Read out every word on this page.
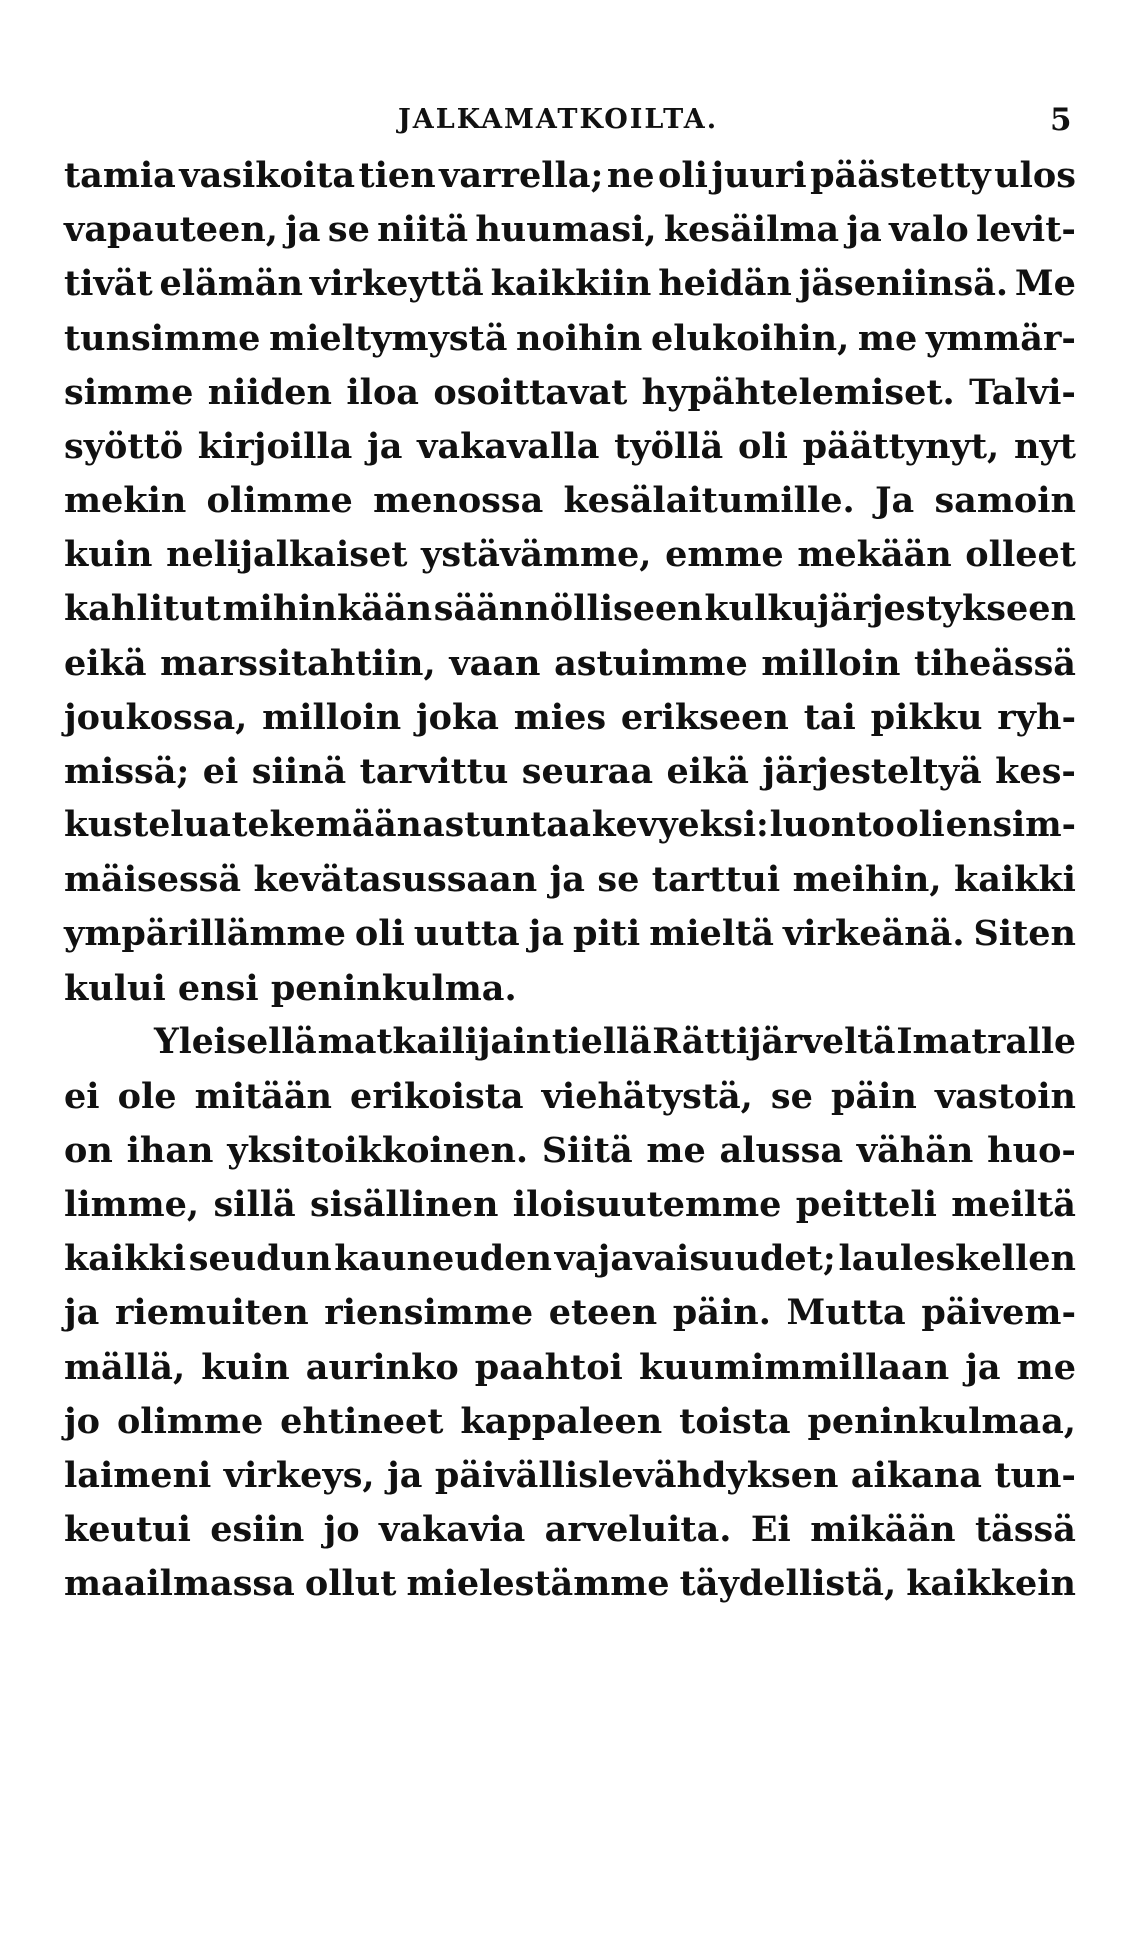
JALKAMATKOILTA.	5
tamia vasikoita tien varrella; ne oli juuri päästetty ulos
vapauteen, ja se niitä huumasi, kesäilma ja valo levit-
tivät elämän virkeyttä kaikkiin heidän jäseniinsä. Me
tunsimme mieltymystä noihin elukoihin, me ymmär-
simme niiden iloa osoittavat hypähtelemiset. Talvi-
syöttö kirjoilla ja vakavalla työllä oli päättynyt, nyt
mekin olimme menossa kesälaitumille. Ja samoin
kuin nelijalkaiset ystävämme, emme mekään olleet
kahlitut mihinkään säännölliseen kulkujärjestykseen
eikä marssitahtiin, vaan astuimme milloin tiheässä
joukossa, milloin joka mies erikseen tai pikku ryh-
missä; ei siinä tarvittu seuraa eikä järjesteltyä kes-
kustelua tekemään astuntaa kevyeksi: luonto oli ensim-
mäisessä kevätasussaan ja se tarttui meihin, kaikki
ympärillämme oli uutta ja piti mieltä virkeänä. Siten
kului ensi peninkulma.
Yleisellä matkailijain tiellä Rättijärveltä Imatralle
ei ole mitään erikoista viehätystä, se päin vastoin
on ihan yksitoikkoinen. Siitä me alussa vähän huo-
limme, sillä sisällinen iloisuutemme peitteli meiltä
kaikki seudun kauneuden vajavaisuudet; lauleskellen
ja riemuiten riensimme eteen päin. Mutta päivem-
mällä, kuin aurinko paahtoi kuumimmillaan ja me
jo olimme ehtineet kappaleen toista peninkulmaa,
laimeni virkeys, ja päivällislevähdyksen aikana tun-
keutui esiin jo vakavia arveluita. Ei mikään tässä
maailmassa ollut mielestämme täydellistä, kaikkein
